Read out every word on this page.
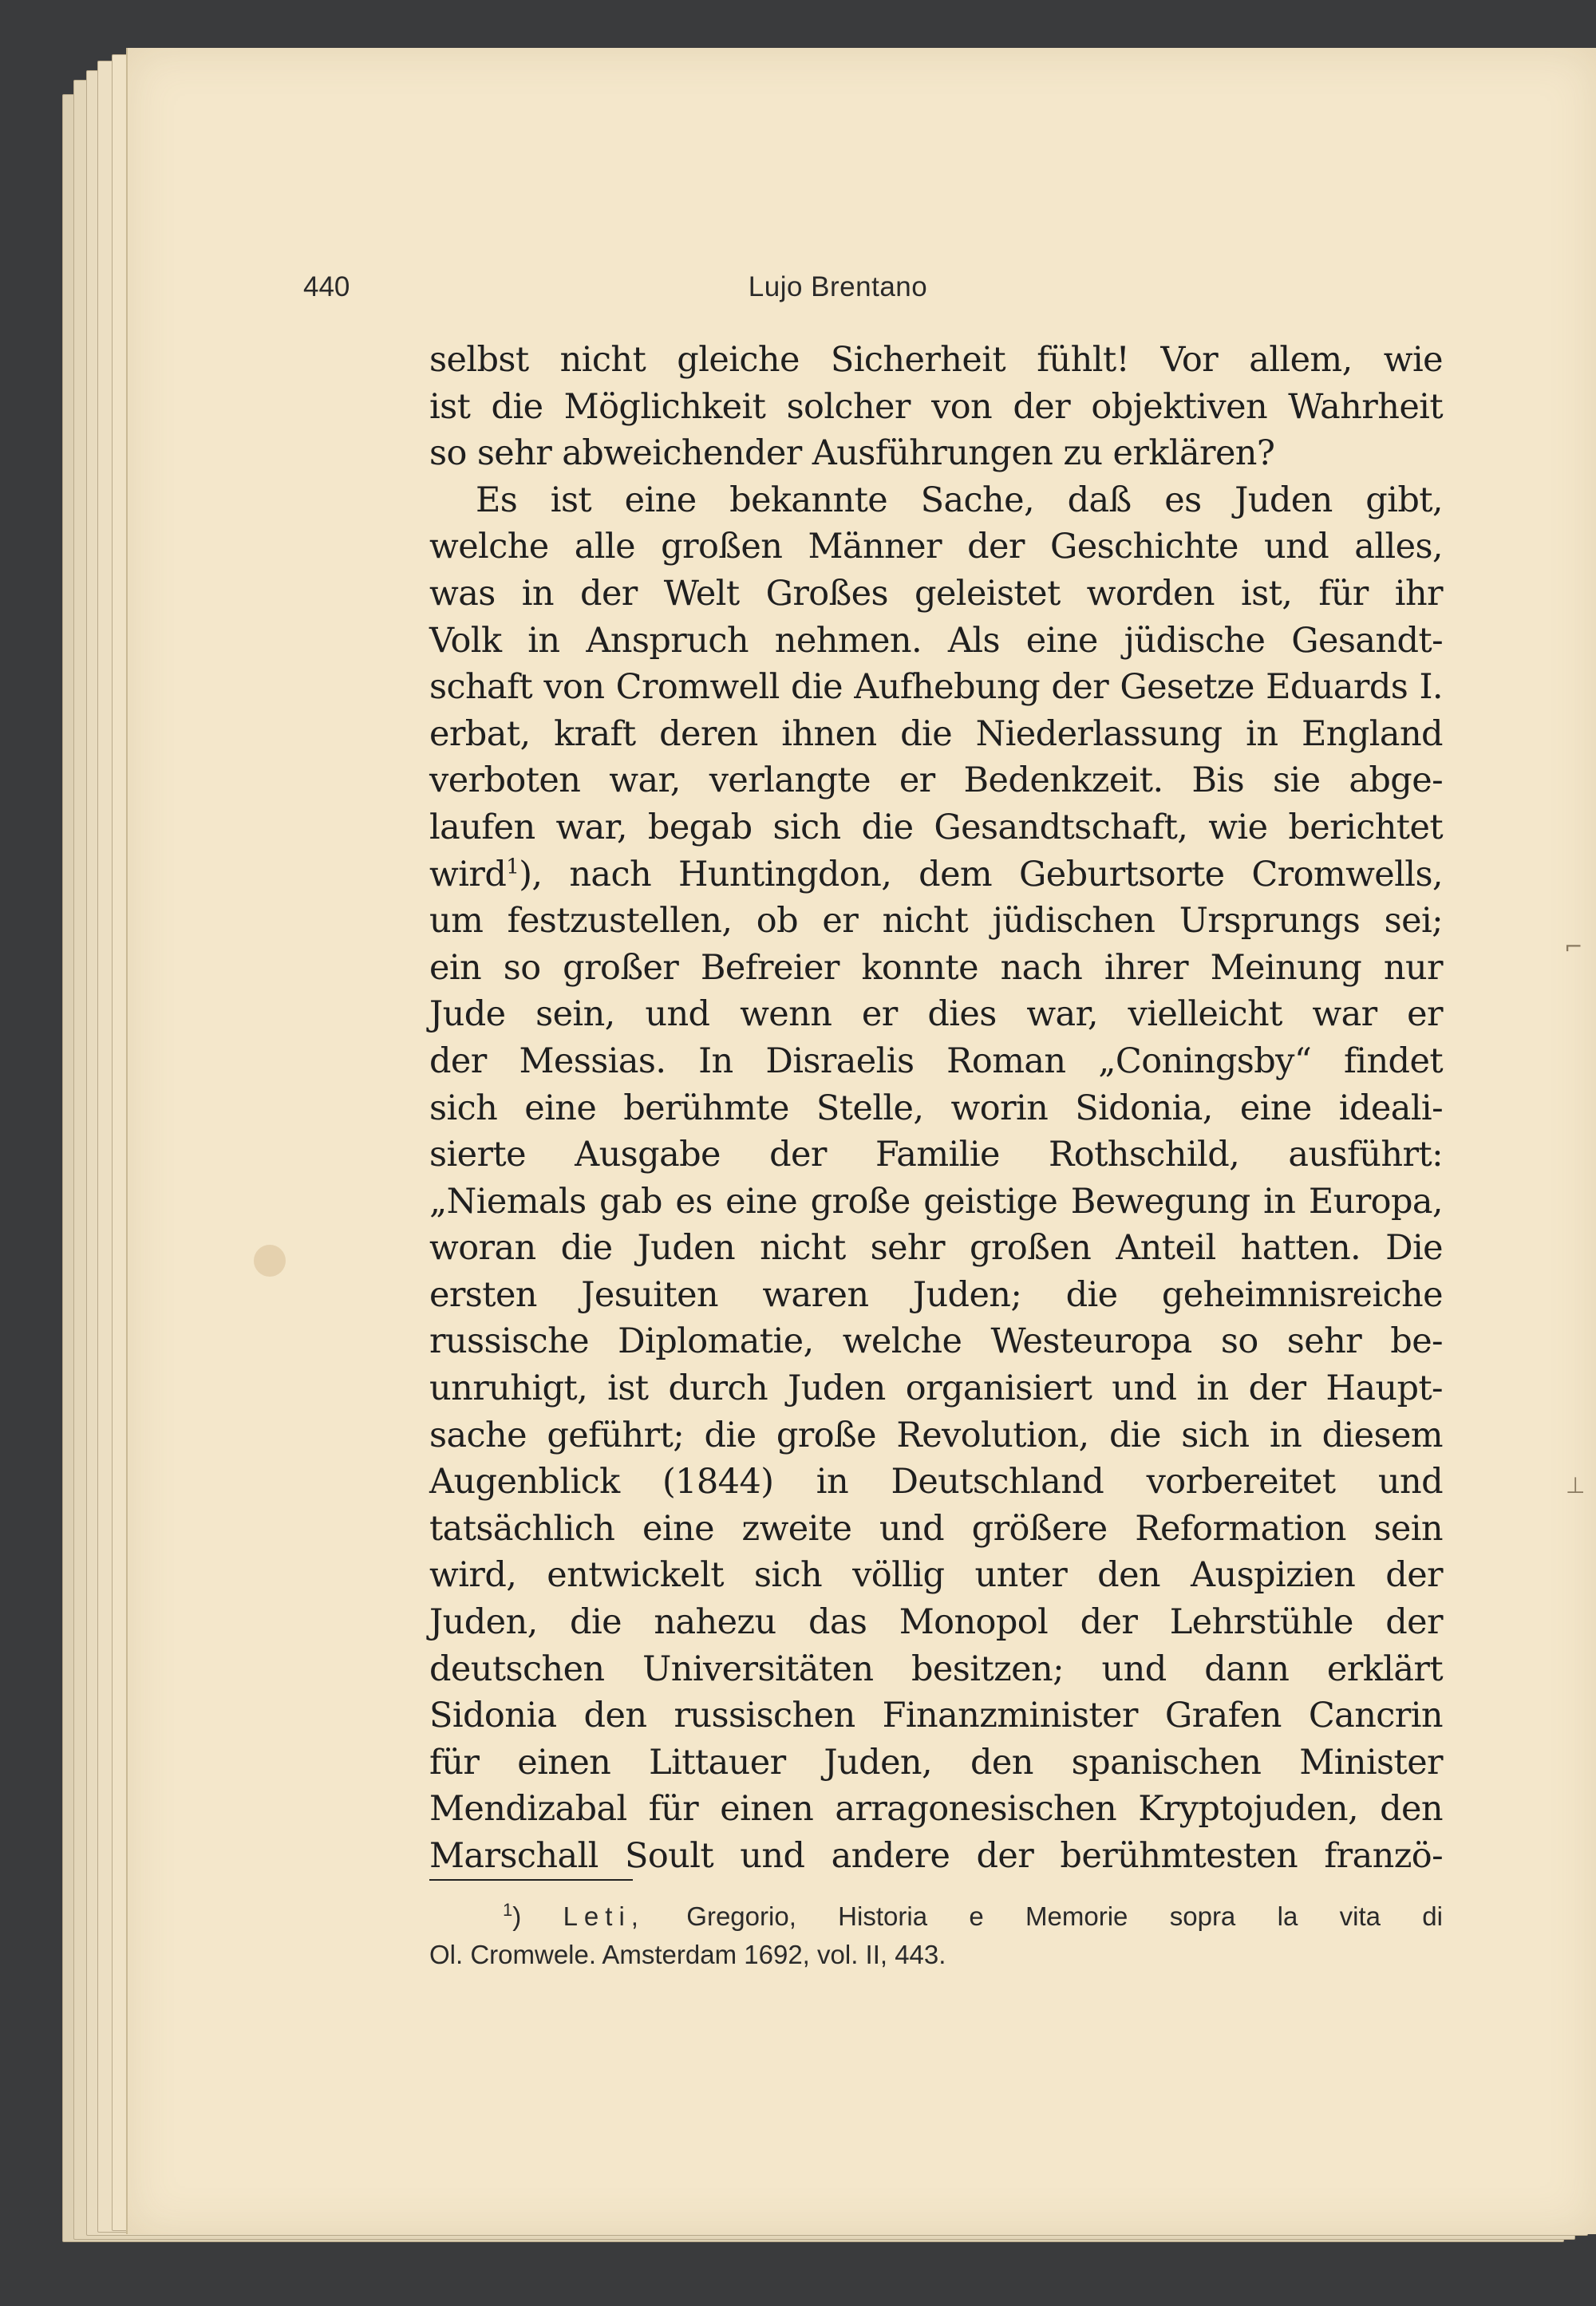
440	Lujo Brentano
selbst nicht gleiche Sicherheit fühlt! Vor allem, wie
ist die Möglichkeit solcher von der objektiven Wahrheit
so sehr abweichender Ausführungen zu erklären?
Es ist eine bekannte Sache, daß es Juden gibt,
welche alle großen Männer der Geschichte und alles,
was in der Welt Großes geleistet worden ist, für ihr
Volk in Anspruch nehmen. Als eine jüdische Gesandt-
schaft von Cromwell die Aufhebung der Gesetze Eduards I.
erbat, kraft deren ihnen die Niederlassung in England
verboten war, verlangte er Bedenkzeit. Bis sie abge-
laufen war, begab sich die Gesandtschaft, wie berichtet
wird$^1$), nach Huntingdon, dem Geburtsorte Cromwells,
um festzustellen, ob er nicht jüdischen Ursprungs sei;
ein so großer Befreier konnte nach ihrer Meinung nur
Jude sein, und wenn er dies war, vielleicht war er
der Messias. In Disraelis Roman „Coningsby“ findet
sich eine berühmte Stelle, worin Sidonia, eine ideali-
sierte Ausgabe der Familie Rothschild, ausführt:
„Niemals gab es eine große geistige Bewegung in Europa,
woran die Juden nicht sehr großen Anteil hatten. Die
ersten Jesuiten waren Juden; die geheimnisreiche
russische Diplomatie, welche Westeuropa so sehr be-
unruhigt, ist durch Juden organisiert und in der Haupt-
sache geführt; die große Revolution, die sich in diesem
Augenblick (1844) in Deutschland vorbereitet und
tatsächlich eine zweite und größere Reformation sein
wird, entwickelt sich völlig unter den Auspizien der
Juden, die nahezu das Monopol der Lehrstühle der
deutschen Universitäten besitzen; und dann erklärt
Sidonia den russischen Finanzminister Grafen Cancrin
für einen Littauer Juden, den spanischen Minister
Mendizabal für einen arragonesischen Kryptojuden, den
Marschall Soult und andere der berühmtesten franzö-
$^1$) Leti, Gregorio, Historia e Memorie sopra la vita di
Ol. Cromwele. Amsterdam 1692, vol. II, 443.
⌐
⊥
